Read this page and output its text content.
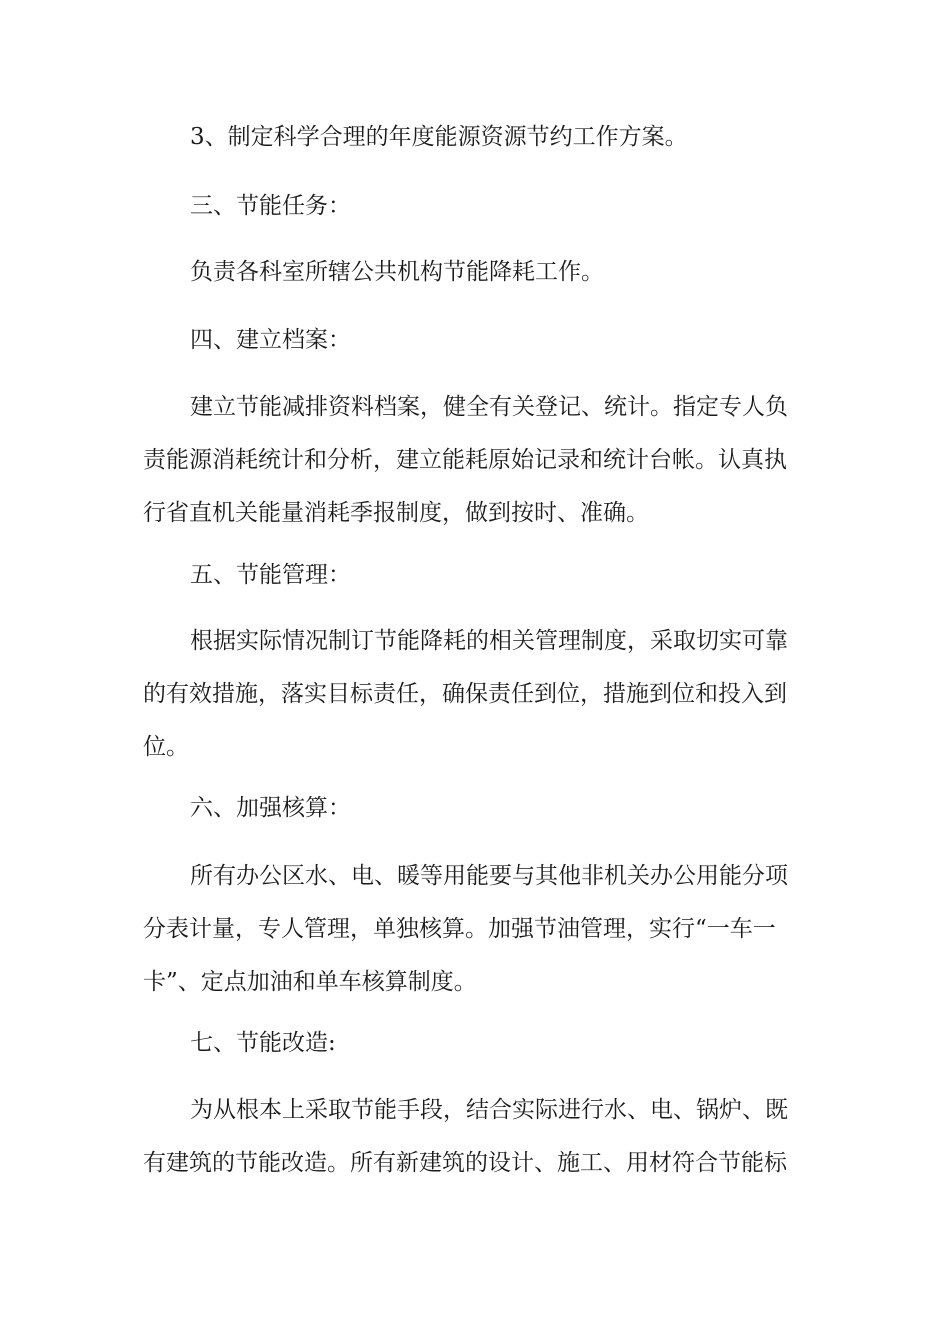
3、制定科学合理的年度能源资源节约工作方案。

三、节能任务：

负责各科室所辖公共机构节能降耗工作。

四、建立档案：

建立节能减排资料档案，健全有关登记、统计。指定专人负
责能源消耗统计和分析，建立能耗原始记录和统计台帐。认真执
行省直机关能量消耗季报制度，做到按时、准确。

五、节能管理：

根据实际情况制订节能降耗的相关管理制度，采取切实可靠
的有效措施，落实目标责任，确保责任到位，措施到位和投入到
位。

六、加强核算：

所有办公区水、电、暖等用能要与其他非机关办公用能分项
分表计量，专人管理，单独核算。加强节油管理，实行“一车一
卡”、定点加油和单车核算制度。

七、节能改造:

为从根本上采取节能手段，结合实际进行水、电、锅炉、既
有建筑的节能改造。所有新建筑的设计、施工、用材符合节能标
